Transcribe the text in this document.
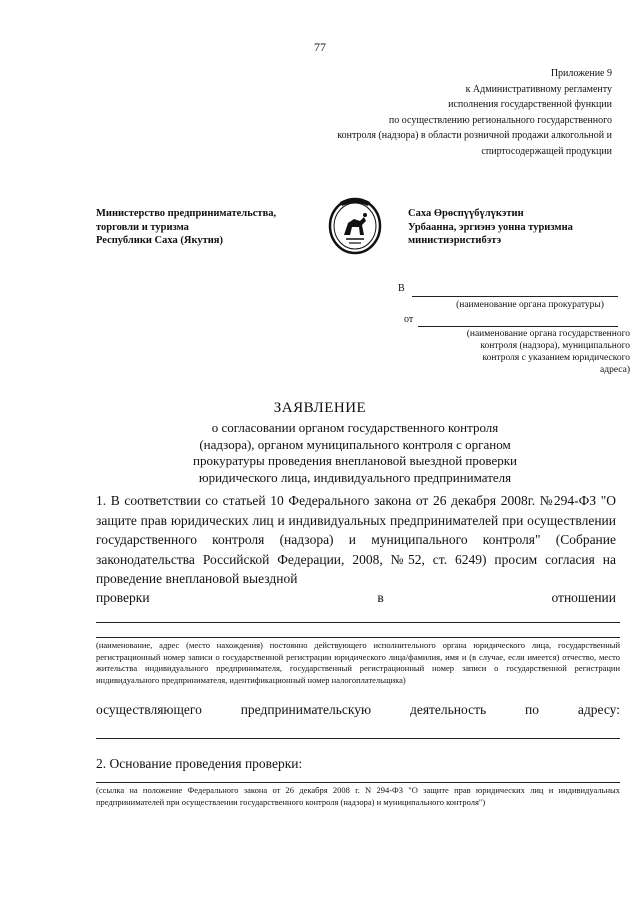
77
Приложение 9
к Административному регламенту
исполнения государственной функции
по осуществлению регионального государственного
контроля (надзора) в области розничной продажи алкогольной и
спиртосодержащей продукции
Министерство предпринимательства,
торговли и туризма
Республики Саха (Якутия)
Саха Өрөспүүбүлүкэтин
Урбаанна, эргиэнэ уонна туризмна
министиэристибэтэ
В
(наименование органа прокуратуры)
от
(наименование органа государственного
контроля (надзора), муниципального
контроля с указанием юридического
адреса)
ЗАЯВЛЕНИЕ
о согласовании органом государственного контроля
(надзора), органом муниципального контроля с органом
прокуратуры проведения внеплановой выездной проверки
юридического лица, индивидуального предпринимателя
1. В соответствии со статьей 10 Федерального закона от 26 декабря 2008г. №294-ФЗ "О защите прав юридических лиц и индивидуальных предпринимателей при осуществлении государственного контроля (надзора) и муниципального контроля" (Собрание законодательства Российской Федерации, 2008, №52, ст. 6249) просим согласия на проведение внеплановой выездной
проверки	в	отношении
(наименование, адрес (место нахождения) постоянно действующего исполнительного органа юридического лица, государственный регистрационный номер записи о государственной регистрации юридического лица/фамилия, имя и (в случае, если имеется) отчество, место жительства индивидуального предпринимателя, государственный регистрационный номер записи о государственной регистрации индивидуального предпринимателя, идентификационный номер налогоплательщика)
осуществляющего	предпринимательскую	деятельность	по	адресу:
2. Основание проведения проверки:
(ссылка на положение Федерального закона от 26 декабря 2008 г. N 294-ФЗ "О защите прав юридических лиц и индивидуальных предпринимателей при осуществлении государственного контроля (надзора) и муниципального контроля")
